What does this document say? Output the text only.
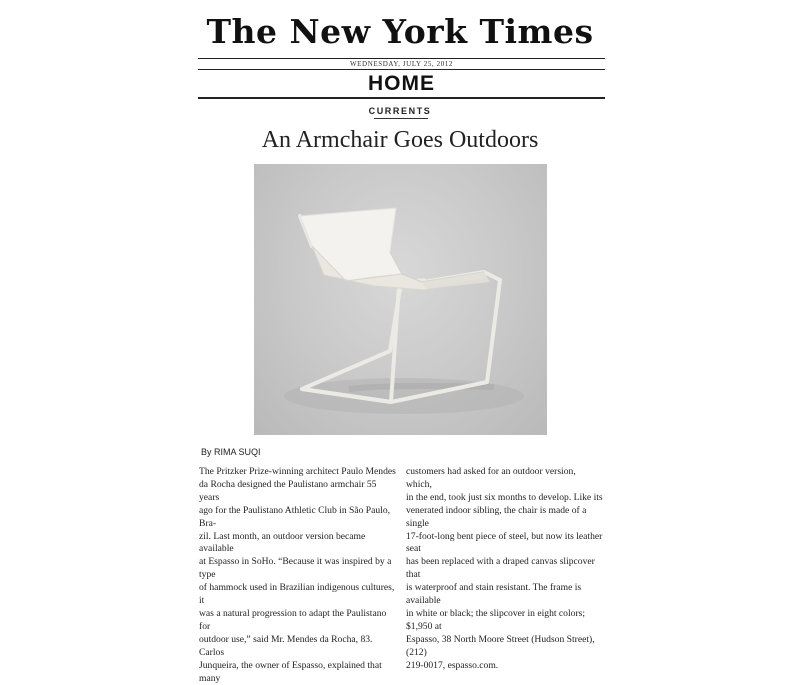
The New York Times
WEDNESDAY, JULY 25, 2012
HOME
CURRENTS
An Armchair Goes Outdoors
By RIMA SUQI
The Pritzker Prize-winning architect Paulo Mendes
da Rocha designed the Paulistano armchair 55 years
ago for the Paulistano Athletic Club in São Paulo, Bra-
zil. Last month, an outdoor version became available
at Espasso in SoHo. “Because it was inspired by a type
of hammock used in Brazilian indigenous cultures, it
was a natural progression to adapt the Paulistano for
outdoor use,” said Mr. Mendes da Rocha, 83. Carlos
Junqueira, the owner of Espasso, explained that many
customers had asked for an outdoor version, which,
in the end, took just six months to develop. Like its
venerated indoor sibling, the chair is made of a single
17-foot-long bent piece of steel, but now its leather seat
has been replaced with a draped canvas slipcover that
is waterproof and stain resistant. The frame is available
in white or black; the slipcover in eight colors; $1,950 at
Espasso, 38 North Moore Street (Hudson Street), (212)
219-0017, espasso.com.
